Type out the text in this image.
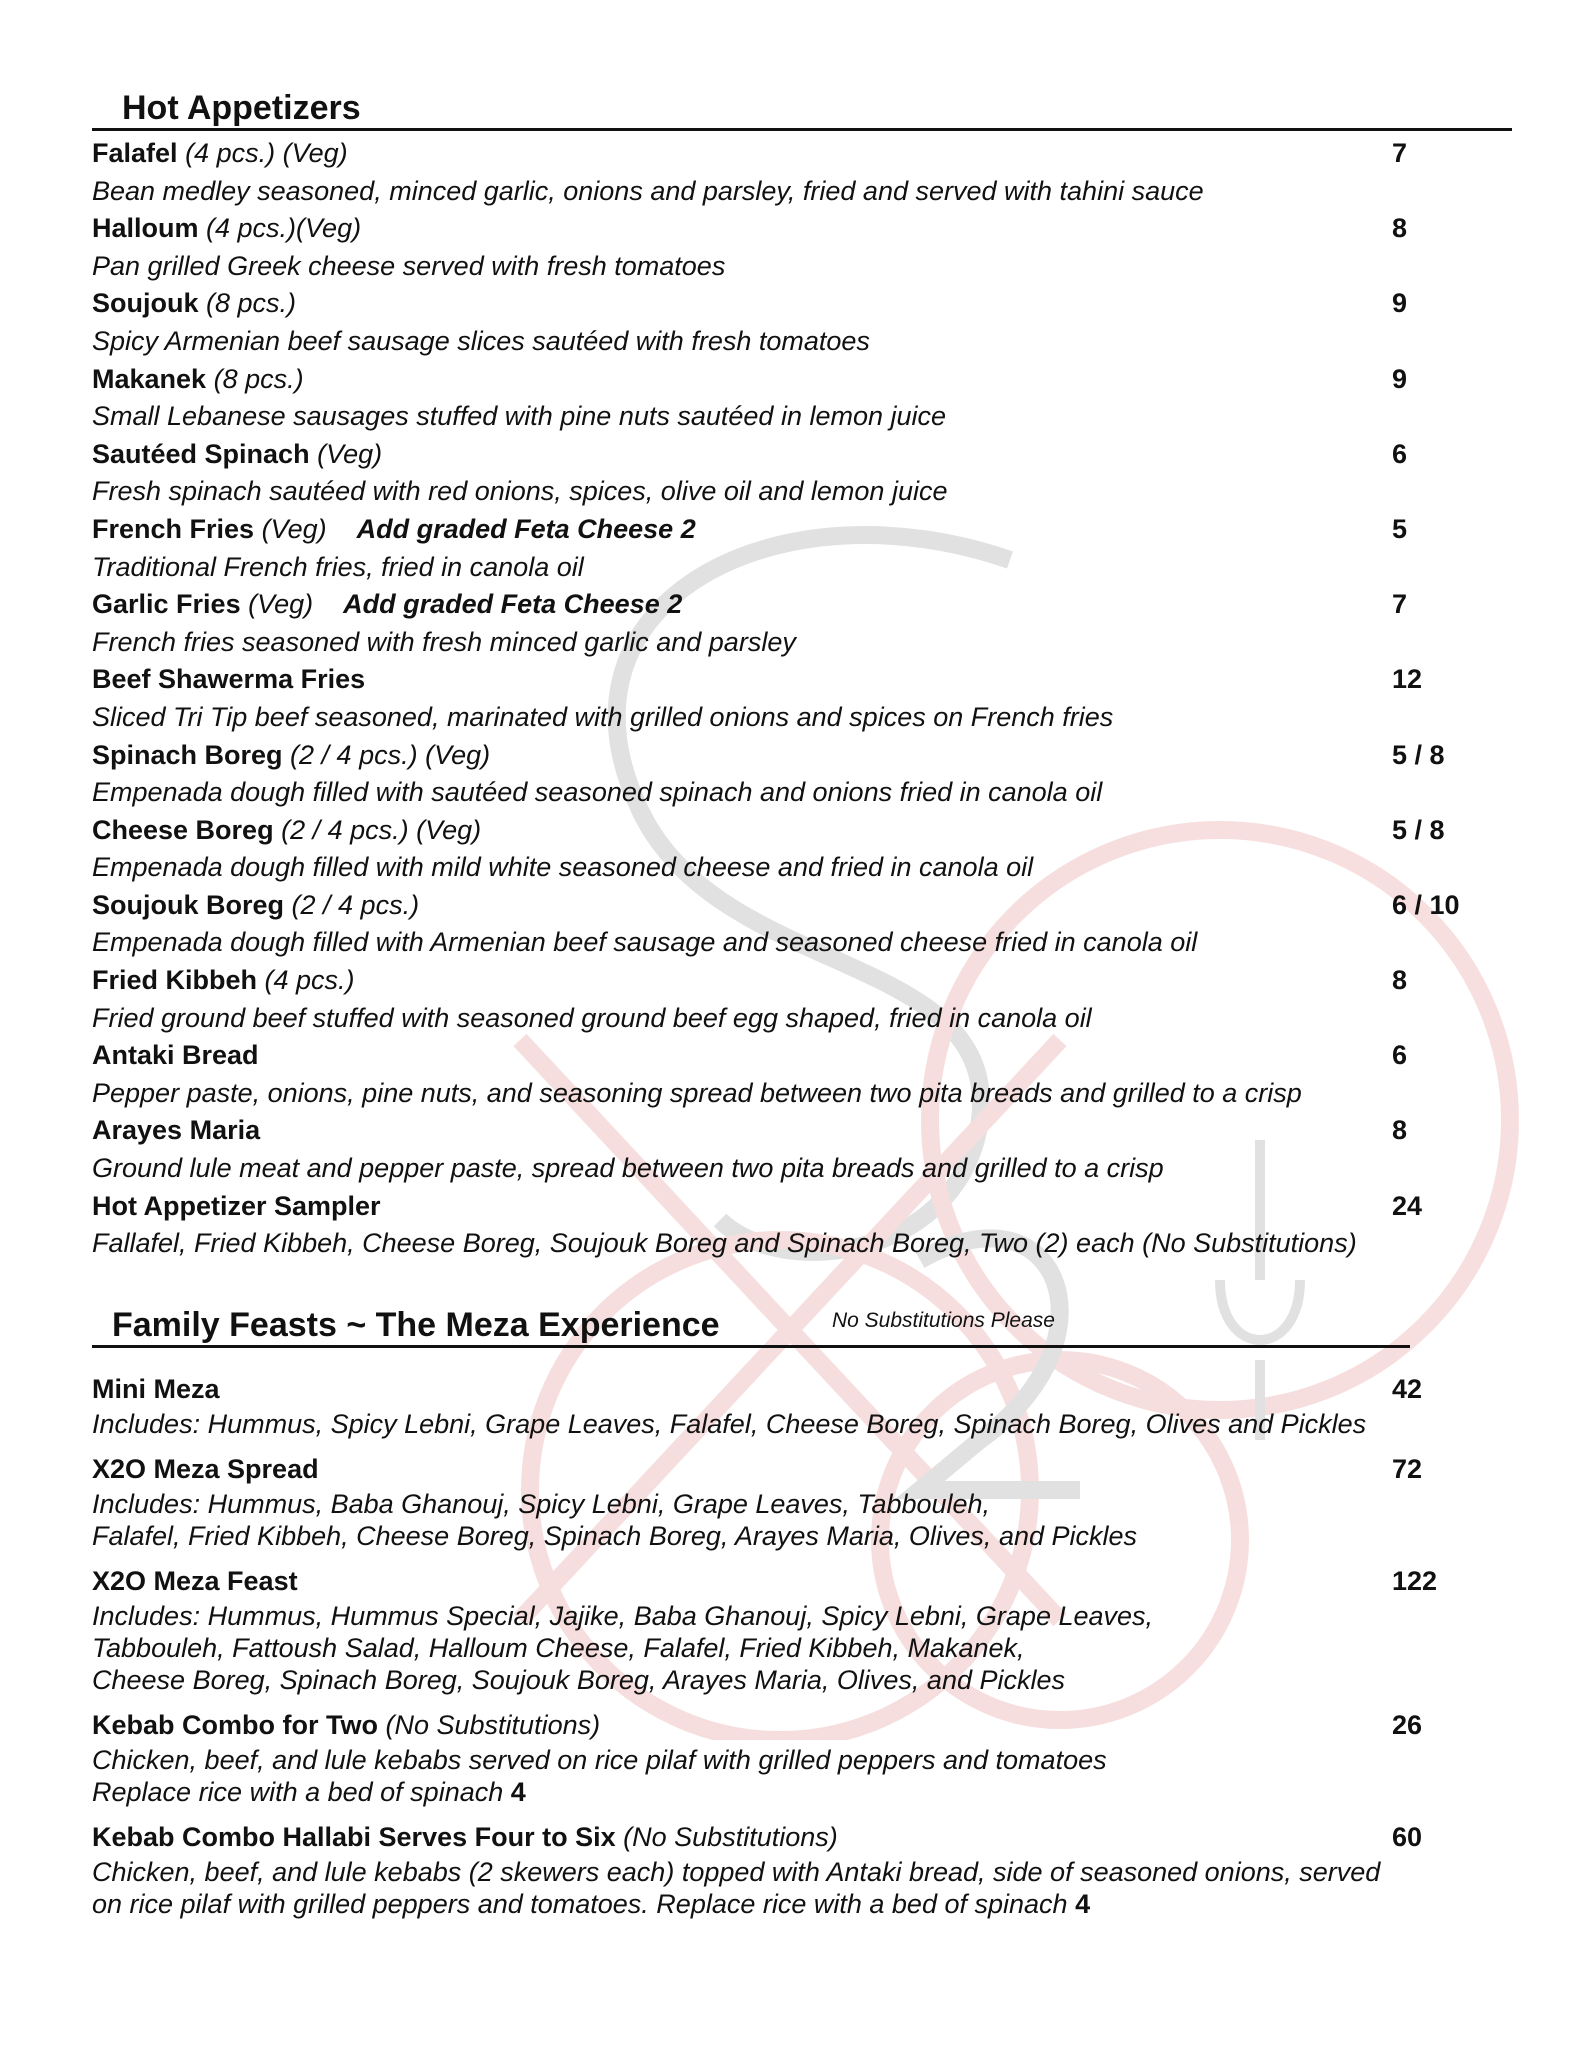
Hot Appetizers
Falafel (4 pcs.) (Veg)	7
Bean medley seasoned, minced garlic, onions and parsley, fried and served with tahini sauce
Halloum (4 pcs.)(Veg)	8
Pan grilled Greek cheese served with fresh tomatoes
Soujouk (8 pcs.)	9
Spicy Armenian beef sausage slices sautéed with fresh tomatoes
Makanek (8 pcs.)	9
Small Lebanese sausages stuffed with pine nuts sautéed in lemon juice
Sautéed Spinach (Veg)	6
Fresh spinach sautéed with red onions, spices, olive oil and lemon juice
French Fries (Veg) Add graded Feta Cheese 2	5
Traditional French fries, fried in canola oil
Garlic Fries (Veg) Add graded Feta Cheese 2	7
French fries seasoned with fresh minced garlic and parsley
Beef Shawerma Fries	12
Sliced Tri Tip beef seasoned, marinated with grilled onions and spices on French fries
Spinach Boreg (2 / 4 pcs.) (Veg)	5 / 8
Empenada dough filled with sautéed seasoned spinach and onions fried in canola oil
Cheese Boreg (2 / 4 pcs.) (Veg)	5 / 8
Empenada dough filled with mild white seasoned cheese and fried in canola oil
Soujouk Boreg (2 / 4 pcs.)	6 / 10
Empenada dough filled with Armenian beef sausage and seasoned cheese fried in canola oil
Fried Kibbeh (4 pcs.)	8
Fried ground beef stuffed with seasoned ground beef egg shaped, fried in canola oil
Antaki Bread	6
Pepper paste, onions, pine nuts, and seasoning spread between two pita breads and grilled to a crisp
Arayes Maria	8
Ground lule meat and pepper paste, spread between two pita breads and grilled to a crisp
Hot Appetizer Sampler	24
Fallafel, Fried Kibbeh, Cheese Boreg, Soujouk Boreg and Spinach Boreg, Two (2) each (No Substitutions)
Family Feasts ~ The Meza Experience	No Substitutions Please
Mini Meza	42
Includes: Hummus, Spicy Lebni, Grape Leaves, Falafel, Cheese Boreg, Spinach Boreg, Olives and Pickles
X2O Meza Spread	72
Includes: Hummus, Baba Ghanouj, Spicy Lebni, Grape Leaves, Tabbouleh,
Falafel, Fried Kibbeh, Cheese Boreg, Spinach Boreg, Arayes Maria, Olives, and Pickles
X2O Meza Feast	122
Includes: Hummus, Hummus Special, Jajike, Baba Ghanouj, Spicy Lebni, Grape Leaves,
Tabbouleh, Fattoush Salad, Halloum Cheese, Falafel, Fried Kibbeh, Makanek,
Cheese Boreg, Spinach Boreg, Soujouk Boreg, Arayes Maria, Olives, and Pickles
Kebab Combo for Two (No Substitutions)	26
Chicken, beef, and lule kebabs served on rice pilaf with grilled peppers and tomatoes
Replace rice with a bed of spinach 4
Kebab Combo Hallabi Serves Four to Six (No Substitutions)	60
Chicken, beef, and lule kebabs (2 skewers each) topped with Antaki bread, side of seasoned onions, served
on rice pilaf with grilled peppers and tomatoes. Replace rice with a bed of spinach 4
